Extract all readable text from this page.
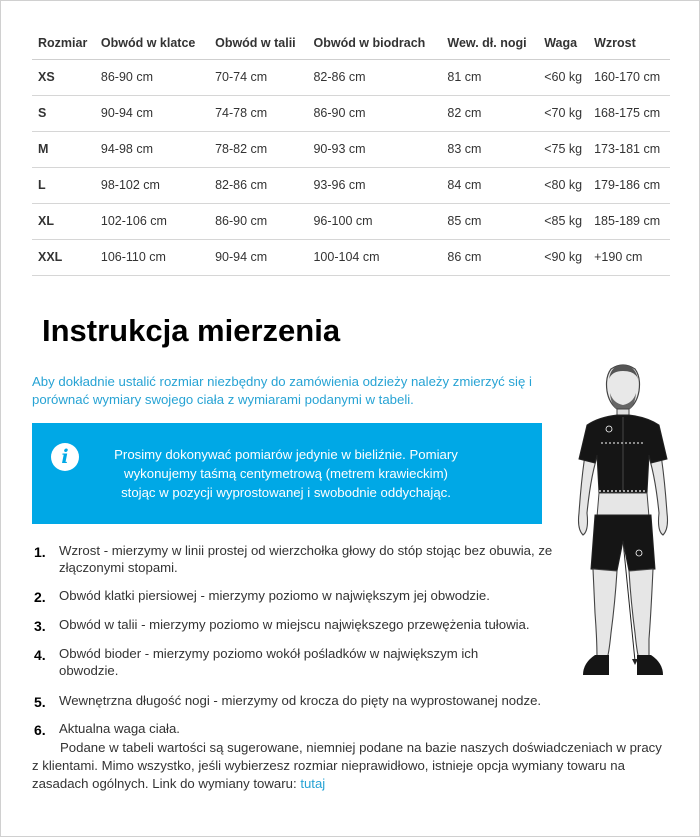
Rozmiar	Obwód w klatce	Obwód w talii	Obwód w biodrach	Wew. dł. nogi	Waga	Wzrost
XS	86-90 cm	70-74 cm	82-86 cm	81 cm	<60 kg	160-170 cm
S	90-94 cm	74-78 cm	86-90 cm	82 cm	<70 kg	168-175 cm
M	94-98 cm	78-82 cm	90-93 cm	83 cm	<75 kg	173-181 cm
L	98-102 cm	82-86 cm	93-96 cm	84 cm	<80 kg	179-186 cm
XL	102-106 cm	86-90 cm	96-100 cm	85 cm	<85 kg	185-189 cm
XXL	106-110 cm	90-94 cm	100-104 cm	86 cm	<90 kg	+190 cm
Instrukcja mierzenia

Aby dokładnie ustalić rozmiar niezbędny do zamówienia odzieży należy zmierzyć się i porównać wymiary swojego ciała z wymiarami podanymi w tabeli.

i	Prosimy dokonywać pomiarów jedynie w bieliźnie. Pomiary
wykonujemy taśmą centymetrową (metrem krawieckim)
stojąc w pozycji wyprostowanej i swobodnie oddychając.
1. Wzrost - mierzymy w linii prostej od wierzchołka głowy do stóp stojąc bez obuwia, ze złączonymi stopami.
2. Obwód klatki piersiowej - mierzymy poziomo w największym jej obwodzie.
3. Obwód w talii - mierzymy poziomo w miejscu największego przewężenia tułowia.
4. Obwód bioder - mierzymy poziomo wokół pośladków w największym ich obwodzie.
5. Wewnętrzna długość nogi - mierzymy od krocza do pięty na wyprostowanej nodze.
6. Aktualna waga ciała.

Podane w tabeli wartości są sugerowane, niemniej podane na bazie naszych doświadczeniach w pracy z klientami. Mimo wszystko, jeśli wybierzesz rozmiar nieprawidłowo, istnieje opcja wymiany towaru na zasadach ogólnych. Link do wymiany towaru: tutaj
